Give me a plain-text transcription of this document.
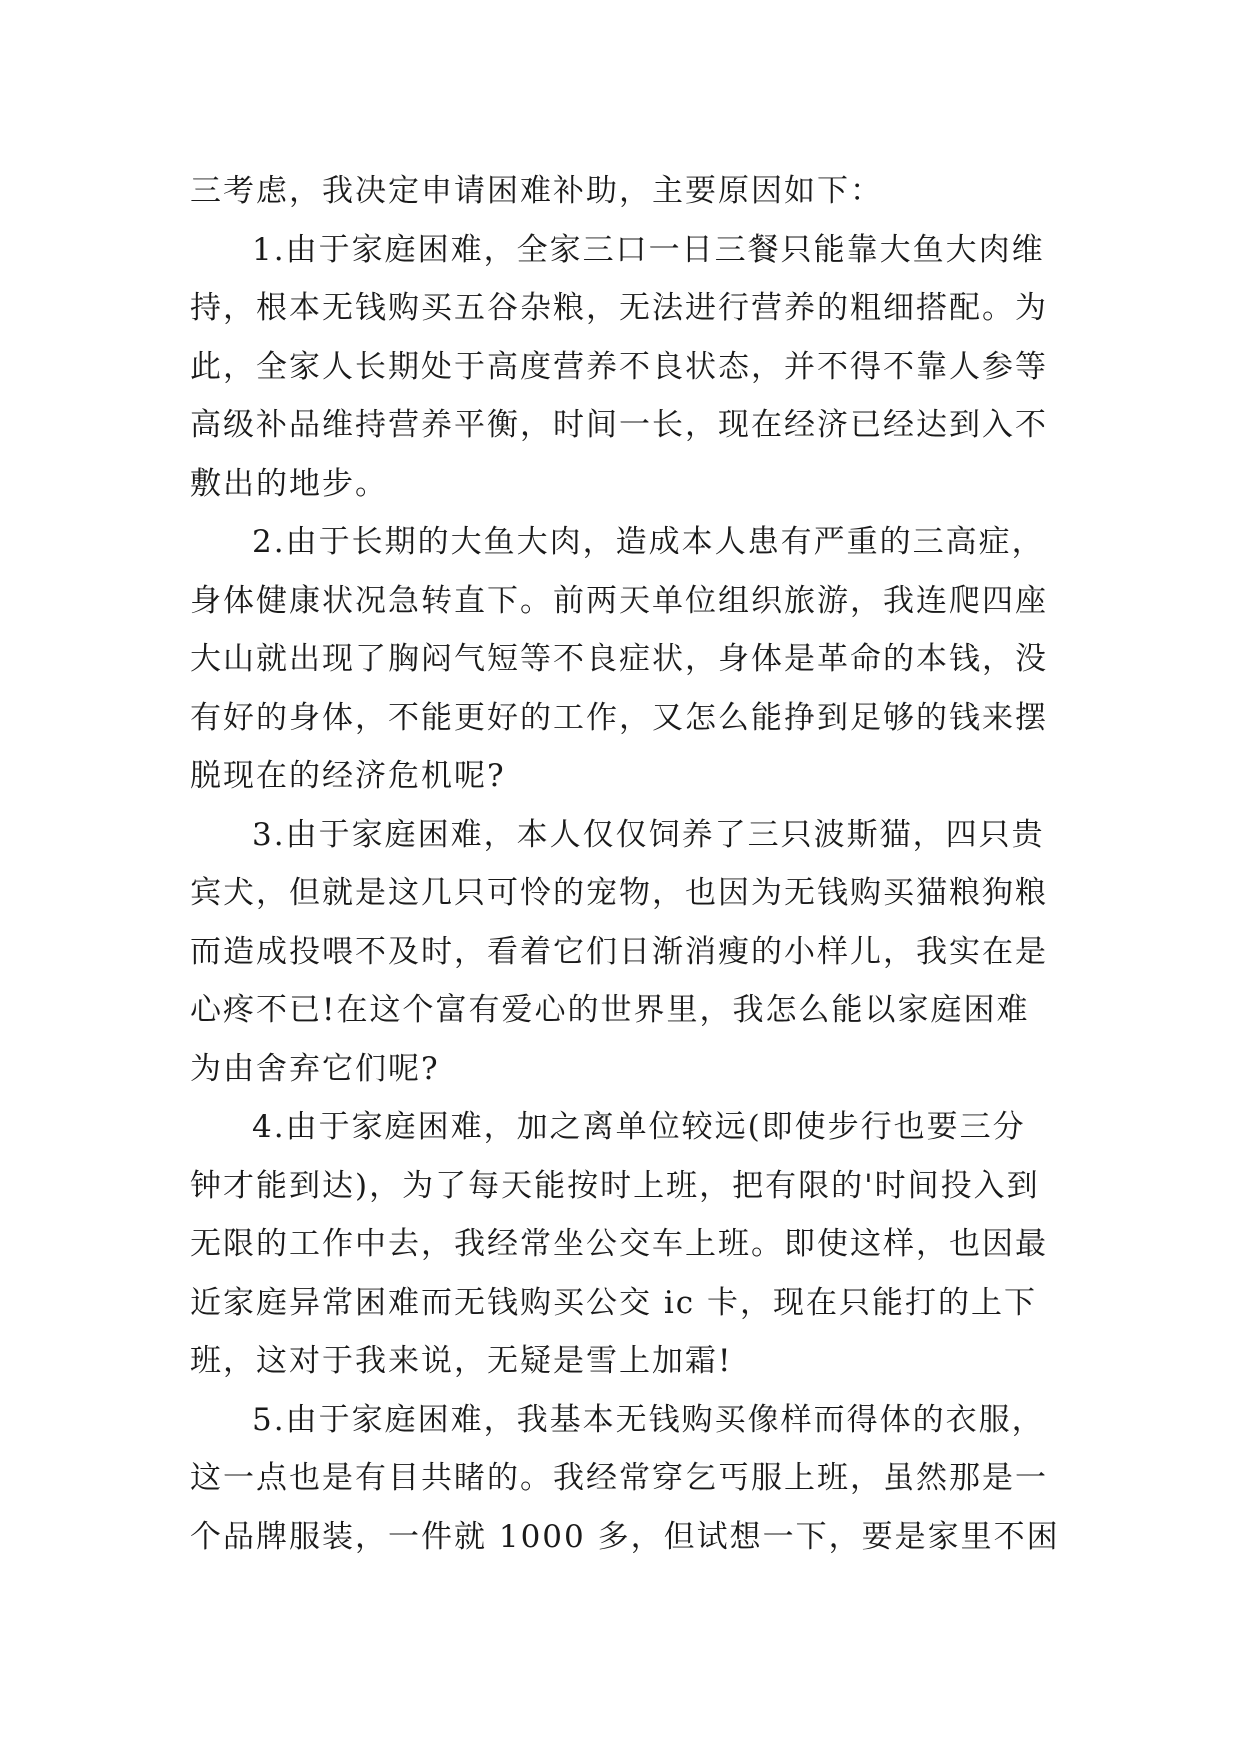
三考虑，我决定申请困难补助，主要原因如下：
1.由于家庭困难，全家三口一日三餐只能靠大鱼大肉维
持，根本无钱购买五谷杂粮，无法进行营养的粗细搭配。为
此，全家人长期处于高度营养不良状态，并不得不靠人参等
高级补品维持营养平衡，时间一长，现在经济已经达到入不
敷出的地步。
2.由于长期的大鱼大肉，造成本人患有严重的三高症，
身体健康状况急转直下。前两天单位组织旅游，我连爬四座
大山就出现了胸闷气短等不良症状，身体是革命的本钱，没
有好的身体，不能更好的工作，又怎么能挣到足够的钱来摆
脱现在的经济危机呢?
3.由于家庭困难，本人仅仅饲养了三只波斯猫，四只贵
宾犬，但就是这几只可怜的宠物，也因为无钱购买猫粮狗粮
而造成投喂不及时，看着它们日渐消瘦的小样儿，我实在是
心疼不已!在这个富有爱心的世界里，我怎么能以家庭困难
为由舍弃它们呢?
4.由于家庭困难，加之离单位较远(即使步行也要三分
钟才能到达)，为了每天能按时上班，把有限的'时间投入到
无限的工作中去，我经常坐公交车上班。即使这样，也因最
近家庭异常困难而无钱购买公交 ic 卡，现在只能打的上下
班，这对于我来说，无疑是雪上加霜!
5.由于家庭困难，我基本无钱购买像样而得体的衣服，
这一点也是有目共睹的。我经常穿乞丐服上班，虽然那是一
个品牌服装，一件就 1000 多，但试想一下，要是家里不困
